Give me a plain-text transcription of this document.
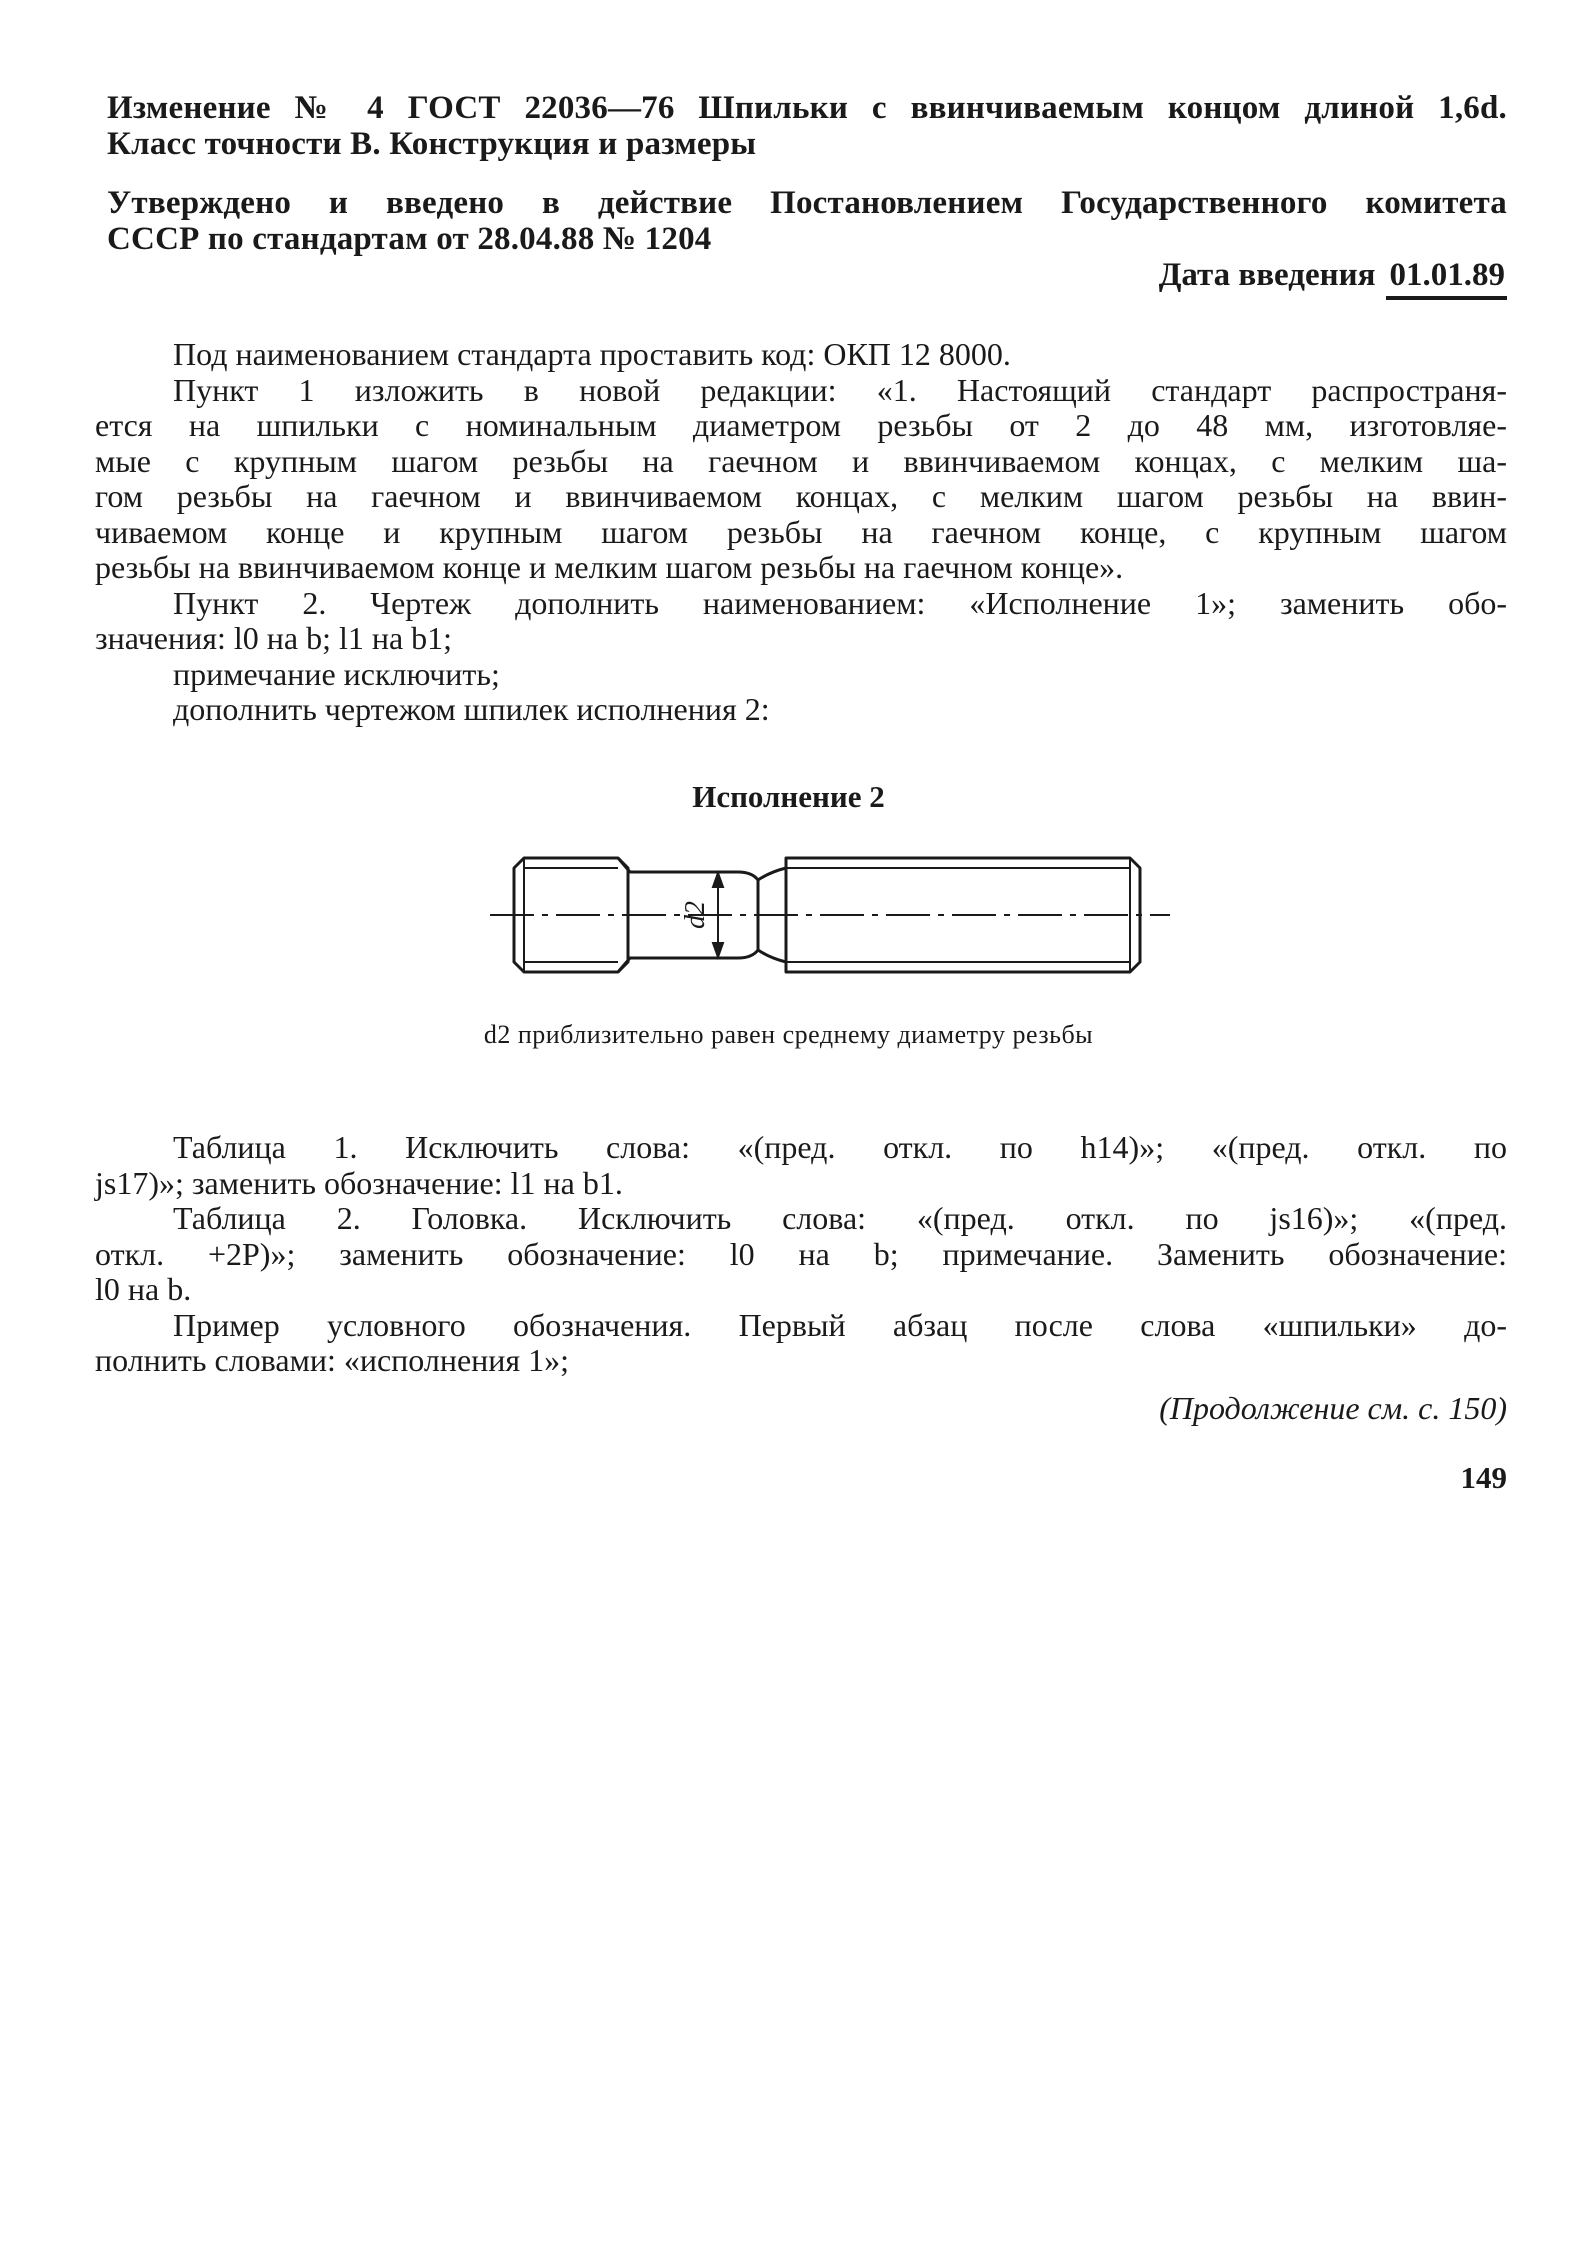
Изменение № 4 ГОСТ 22036—76 Шпильки с ввинчиваемым концом длиной 1,6d.
Класс точности В. Конструкция и размеры
Утверждено и введено в действие Постановлением Государственного комитета
СССР по стандартам от 28.04.88 № 1204
Дата введения 01.01.89
Под наименованием стандарта проставить код: ОКП 12 8000.
Пункт 1 изложить в новой редакции: «1. Настоящий стандарт распространя-
ется на шпильки с номинальным диаметром резьбы от 2 до 48 мм, изготовляе-
мые с крупным шагом резьбы на гаечном и ввинчиваемом концах, с мелким ша-
гом резьбы на гаечном и ввинчиваемом концах, с мелким шагом резьбы на ввин-
чиваемом конце и крупным шагом резьбы на гаечном конце, с крупным шагом
резьбы на ввинчиваемом конце и мелким шагом резьбы на гаечном конце».
Пункт 2. Чертеж дополнить наименованием: «Исполнение 1»; заменить обо-
значения: l0 на b; l1 на b1;
примечание исключить;
дополнить чертежом шпилек исполнения 2:
Исполнение 2
d2
d2 приблизительно равен среднему диаметру резьбы
Таблица 1. Исключить слова: «(пред. откл. по h14)»; «(пред. откл. по
js17)»; заменить обозначение: l1 на b1.
Таблица 2. Головка. Исключить слова: «(пред. откл. по js16)»; «(пред.
откл. +2P)»; заменить обозначение: l0 на b; примечание. Заменить обозначение:
l0 на b.
Пример условного обозначения. Первый абзац после слова «шпильки» до-
полнить словами: «исполнения 1»;
(Продолжение см. с. 150)
149
